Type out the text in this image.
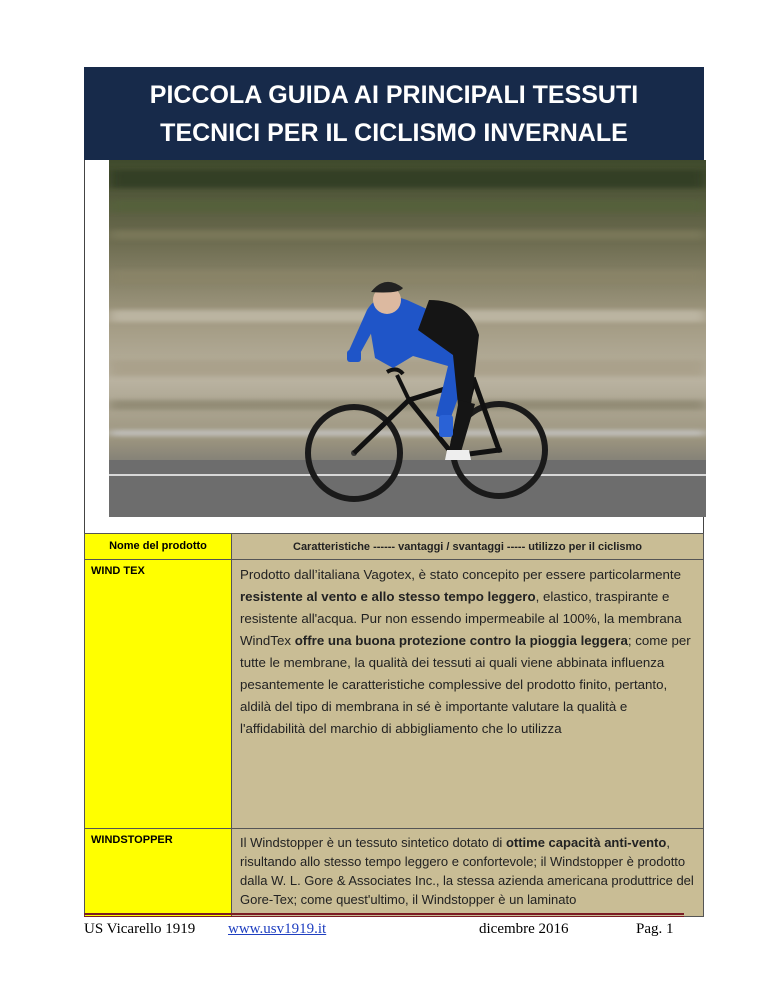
PICCOLA GUIDA AI PRINCIPALI TESSUTI
TECNICI PER IL CICLISMO INVERNALE
Nome del prodotto	Caratteristiche ------ vantaggi / svantaggi ----- utilizzo per il ciclismo
WIND TEX	Prodotto dall’italiana Vagotex, è stato concepito per essere particolarmente resistente al vento e allo stesso tempo leggero, elastico, traspirante e resistente all'acqua. Pur non essendo impermeabile al 100%, la membrana WindTex offre una buona protezione contro la pioggia leggera; come per tutte le membrane, la qualità dei tessuti ai quali viene abbinata influenza pesantemente le caratteristiche complessive del prodotto finito, pertanto, aldilà del tipo di membrana in sé è importante valutare la qualità e l'affidabilità del marchio di abbigliamento che lo utilizza
WINDSTOPPER	Il Windstopper è un tessuto sintetico dotato di ottime capacità anti-vento, risultando allo stesso tempo leggero e confortevole; il Windstopper è prodotto dalla W. L. Gore & Associates Inc., la stessa azienda americana produttrice del Gore-Tex; come quest'ultimo, il Windstopper è un laminato
US Vicarello 1919 www.usv1919.it	dicembre 2016	Pag. 1
